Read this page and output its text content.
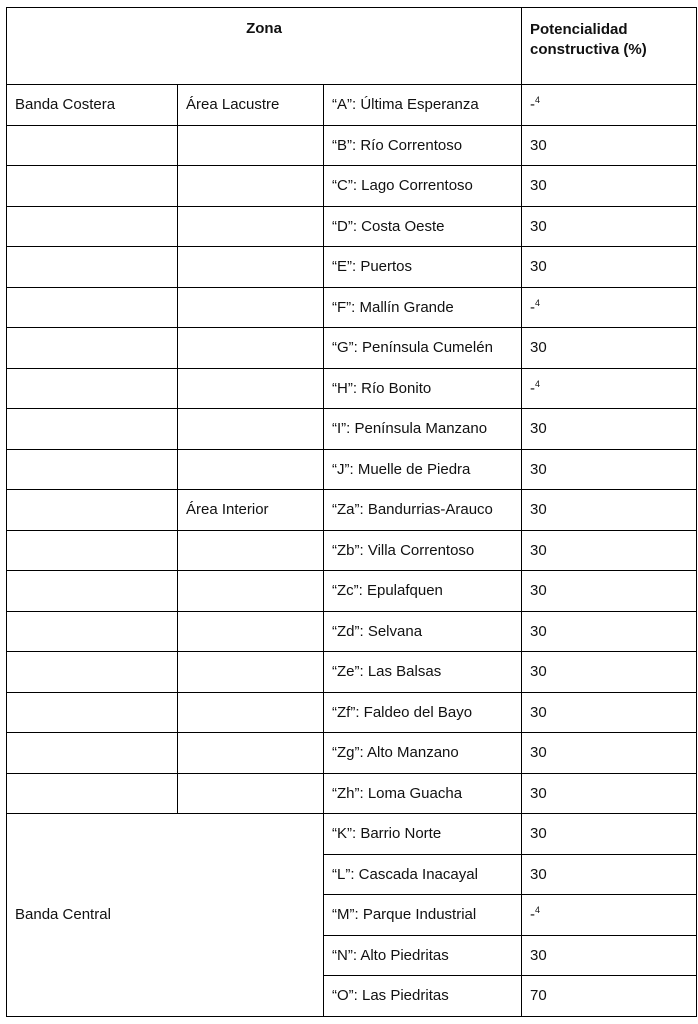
Zona			Potencialidad
constructiva (%)
Banda Costera	Área Lacustre	“A”: Última Esperanza	-$^4$
		“B”: Río Correntoso	30
		“C”: Lago Correntoso	30
		“D”: Costa Oeste	30
		“E”: Puertos	30
		“F”: Mallín Grande	-$^4$
		“G”: Península Cumelén	30
		“H”: Río Bonito	-$^4$
		“I”: Península Manzano	30
		“J”: Muelle de Piedra	30
	Área Interior	“Za”: Bandurrias-Arauco	30
		“Zb”: Villa Correntoso	30
		“Zc”: Epulafquen	30
		“Zd”: Selvana	30
		“Ze”: Las Balsas	30
		“Zf”: Faldeo del Bayo	30
		“Zg”: Alto Manzano	30
		“Zh”: Loma Guacha	30
Banda Central		“K”: Barrio Norte	30
		“L”: Cascada Inacayal	30
		“M”: Parque Industrial	-$^4$
		“N”: Alto Piedritas	30
		“O”: Las Piedritas	70
